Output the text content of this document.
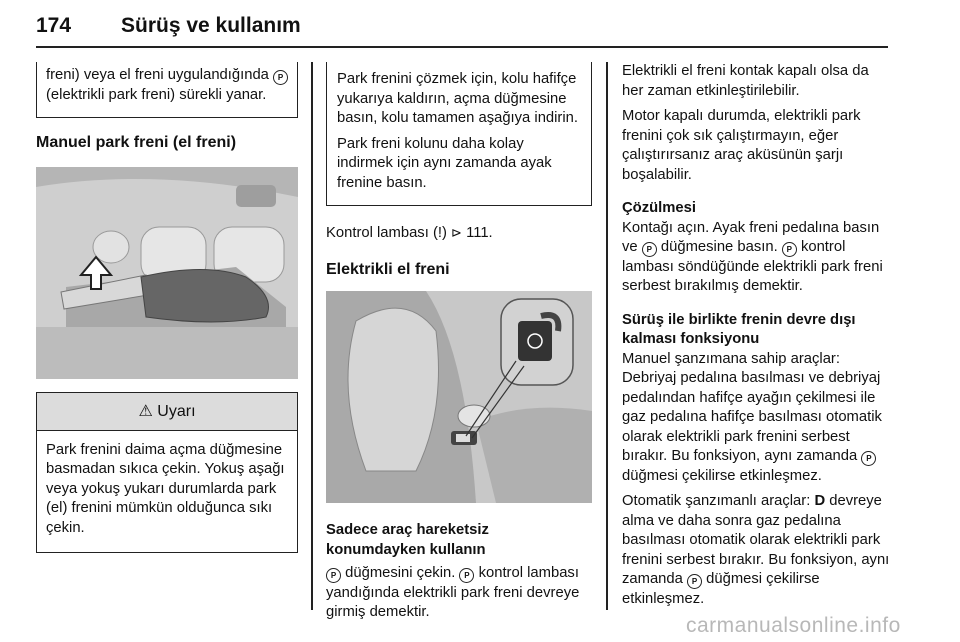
174 Sürüş ve kullanım

freni) veya el freni uygulandığında P (elektrikli park freni) sürekli yanar.

Manuel park freni (el freni)
⚠ Uyarı

Park frenini daima açma düğmesine basmadan sıkıca çekin. Yokuş aşağı veya yokuş yukarı durumlarda park (el) frenini mümkün olduğunca sıkı çekin.

Park frenini çözmek için, kolu hafifçe yukarıya kaldırın, açma düğmesine basın, kolu tamamen aşağıya indirin.

Park freni kolunu daha kolay indirmek için aynı zamanda ayak frenine basın.

Kontrol lambası (!) ⊳ 111.

Elektrikli el freni
Sadece araç hareketsiz konumdayken kullanın

P düğmesini çekin. P kontrol lambası yandığında elektrikli park freni devreye girmiş demektir.

Elektrikli el freni kontak kapalı olsa da her zaman etkinleştirilebilir.

Motor kapalı durumda, elektrikli park frenini çok sık çalıştırmayın, eğer çalıştırırsanız araç aküsünün şarjı boşalabilir.

Çözülmesi

Kontağı açın. Ayak freni pedalına basın ve P düğmesine basın. P kontrol lambası söndüğünde elektrikli park freni serbest bırakılmış demektir.

Sürüş ile birlikte frenin devre dışı kalması fonksiyonu

Manuel şanzımana sahip araçlar: Debriyaj pedalına basılması ve debriyaj pedalından hafifçe ayağın çekilmesi ile gaz pedalına hafifçe basılması otomatik olarak elektrikli park frenini serbest bırakır. Bu fonksiyon, aynı zamanda P düğmesi çekilirse etkinleşmez.

Otomatik şanzımanlı araçlar: D devreye alma ve daha sonra gaz pedalına basılması otomatik olarak elektrikli park frenini serbest bırakır. Bu fonksiyon, aynı zamanda P düğmesi çekilirse etkinleşmez.

carmanualsonline.info
